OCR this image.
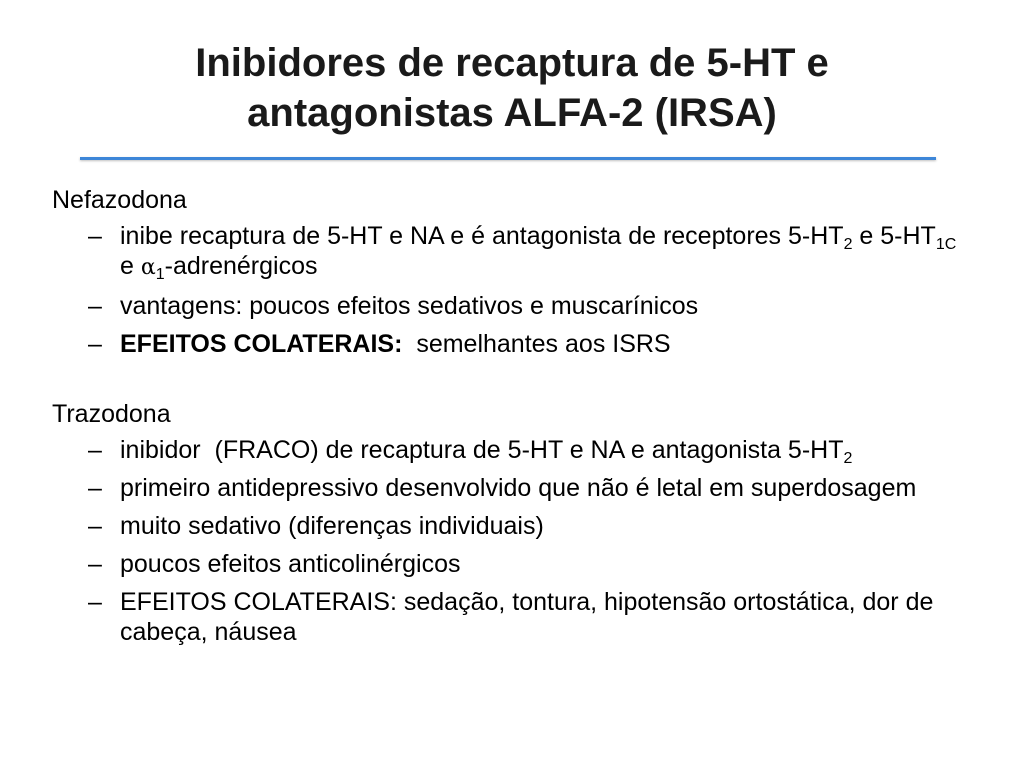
Inibidores de recaptura de 5-HT e
antagonistas ALFA-2 (IRSA)
Nefazodona
– inibe recaptura de 5-HT e NA e é antagonista de receptores $5-HT_2$ e $5-HT_{1C}$ e $\alpha_1$-adrenérgicos
– vantagens: poucos efeitos sedativos e muscarínicos
– EFEITOS COLATERAIS:  semelhantes aos ISRS
Trazodona
– inibidor  (FRACO) de recaptura de 5-HT e NA e antagonista $5-HT_2$
– primeiro antidepressivo desenvolvido que não é letal em superdosagem
– muito sedativo (diferenças individuais)
– poucos efeitos anticolinérgicos
– EFEITOS COLATERAIS: sedação, tontura, hipotensão ortostática, dor de cabeça, náusea
